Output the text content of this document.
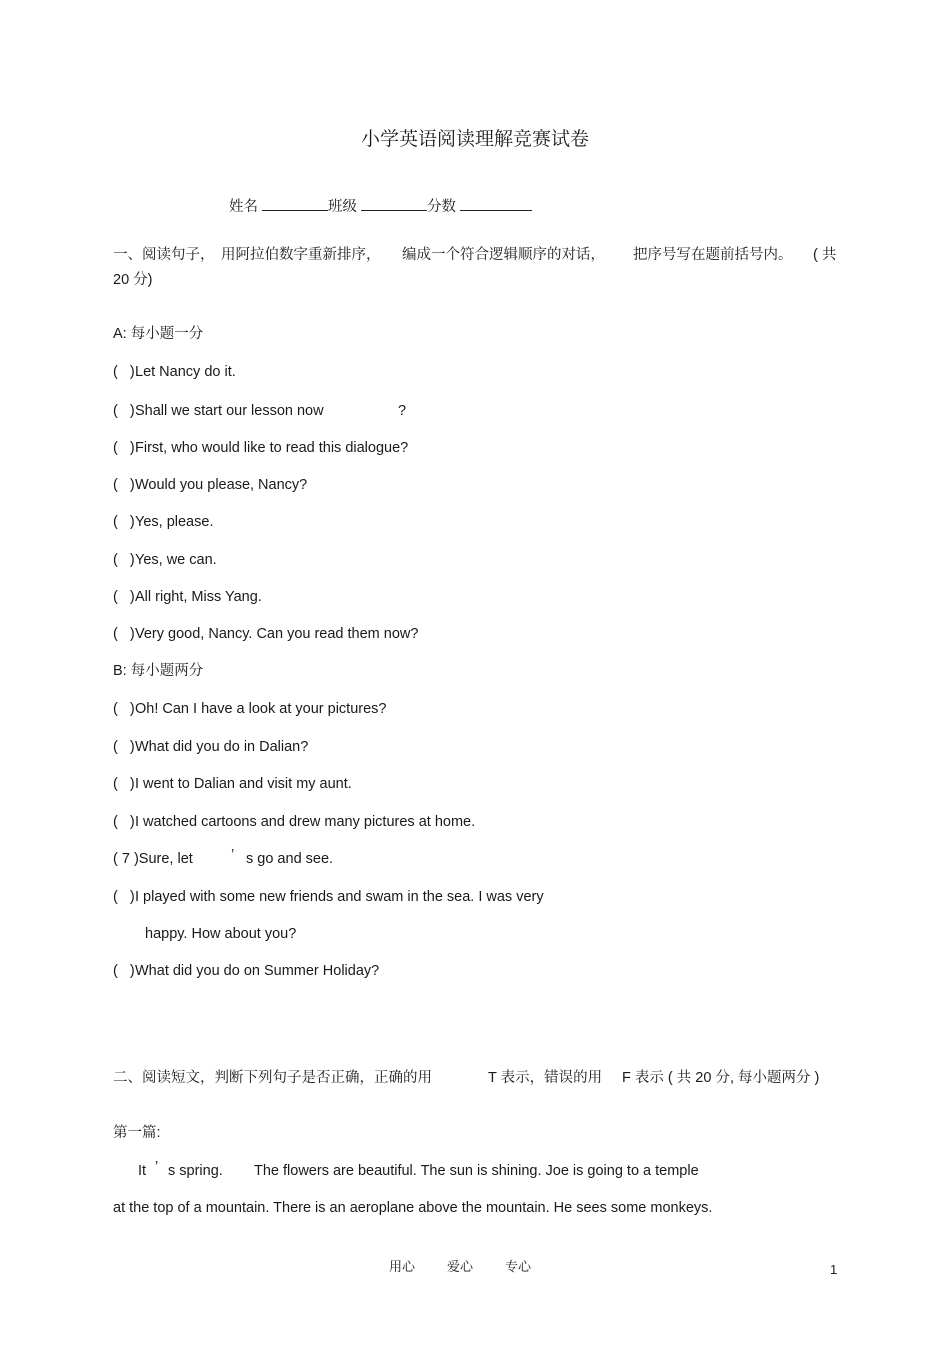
小学英语阅读理解竞赛试卷
姓名	班级	分数
一、阅读句子， 用阿拉伯数字重新排序， 编成一个符合逻辑顺序的对话， 把序号写在题前括号内。 ( 共
20 分)
A: 每小题一分
(   )Let Nancy do it.
(   )Shall we start our lesson now	?
(   )First, who would like to read this dialogue?
(   )Would you please, Nancy?
(   )Yes, please.
(   )Yes, we can.
(   )All right, Miss Yang.
(   )Very good, Nancy. Can you read them now?
B: 每小题两分
(   )Oh! Can I have a look at your pictures?
(   )What did you do in Dalian?
(   )I went to Dalian and visit my aunt.
(   )I watched cartoons and drew many pictures at home.
( 7 )Sure, let	’ s go and see.
(   )I played with some new friends and swam in the sea. I was very
happy. How about you?
(   )What did you do on Summer Holiday?
二、阅读短文，判断下列句子是否正确，正确的用	T 表示，错误的用 F 表示 ( 共 20 分, 每小题两分 )
第一篇:
It ’ s spring. The flowers are beautiful. The sun is shining. Joe is going to a temple
at the top of a mountain. There is an aeroplane above the mountain. He sees some monkeys.
用心 爱心 专心	1
